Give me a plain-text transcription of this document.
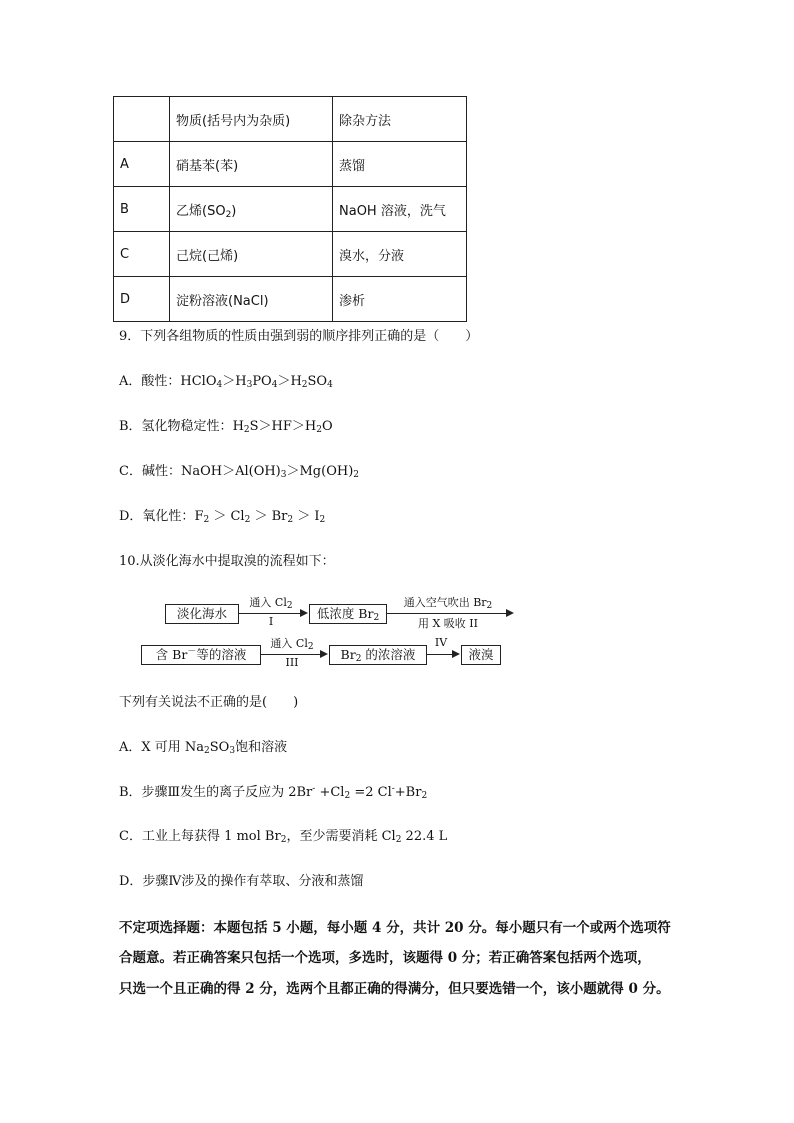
	物质(括号内为杂质)	除杂方法
A	硝基苯(苯)	蒸馏
B	乙烯$(SO_2)$	NaOH 溶液，洗气
C	己烷(己烯)	溴水，分液
D	淀粉溶液(NaCl)	渗析
9．下列各组物质的性质由强到弱的顺序排列正确的是（　　）
A．酸性：$HClO_4>H_3PO_4>H_2SO_4$
B．氢化物稳定性：$H_2S>HF>H_2O$
C．碱性：$NaOH>Al(OH)_3>Mg(OH)_2$
D．氧化性：$F_2 > Cl_2 > Br_2 > I_2$
10.从淡化海水中提取溴的流程如下：
淡化海水
通入 $Cl_2$
I
低浓度 $Br_2$
通入空气吹出 $Br_2$
用 X 吸收 II
含 Br－等的溶液
通入 $Cl_2$
III
$Br_2$ 的浓溶液
IV
液溴
下列有关说法不正确的是(　　)
A．X 可用 $Na_2SO_3$饱和溶液
B．步骤Ⅲ发生的离子反应为 $2Br^- +Cl_2 =2$ $Cl^-+Br_2$
C．工业上每获得 1 mol $Br_2$，至少需要消耗 $Cl_2$ 22.4 L
D．步骤Ⅳ涉及的操作有萃取、分液和蒸馏
不定项选择题：本题包括 5 小题，每小题 4 分，共计 20 分。每小题只有一个或两个选项符
合题意。若正确答案只包括一个选项，多选时，该题得 0 分；若正确答案包括两个选项，
只选一个且正确的得 2 分，选两个且都正确的得满分，但只要选错一个，该小题就得 0 分。
